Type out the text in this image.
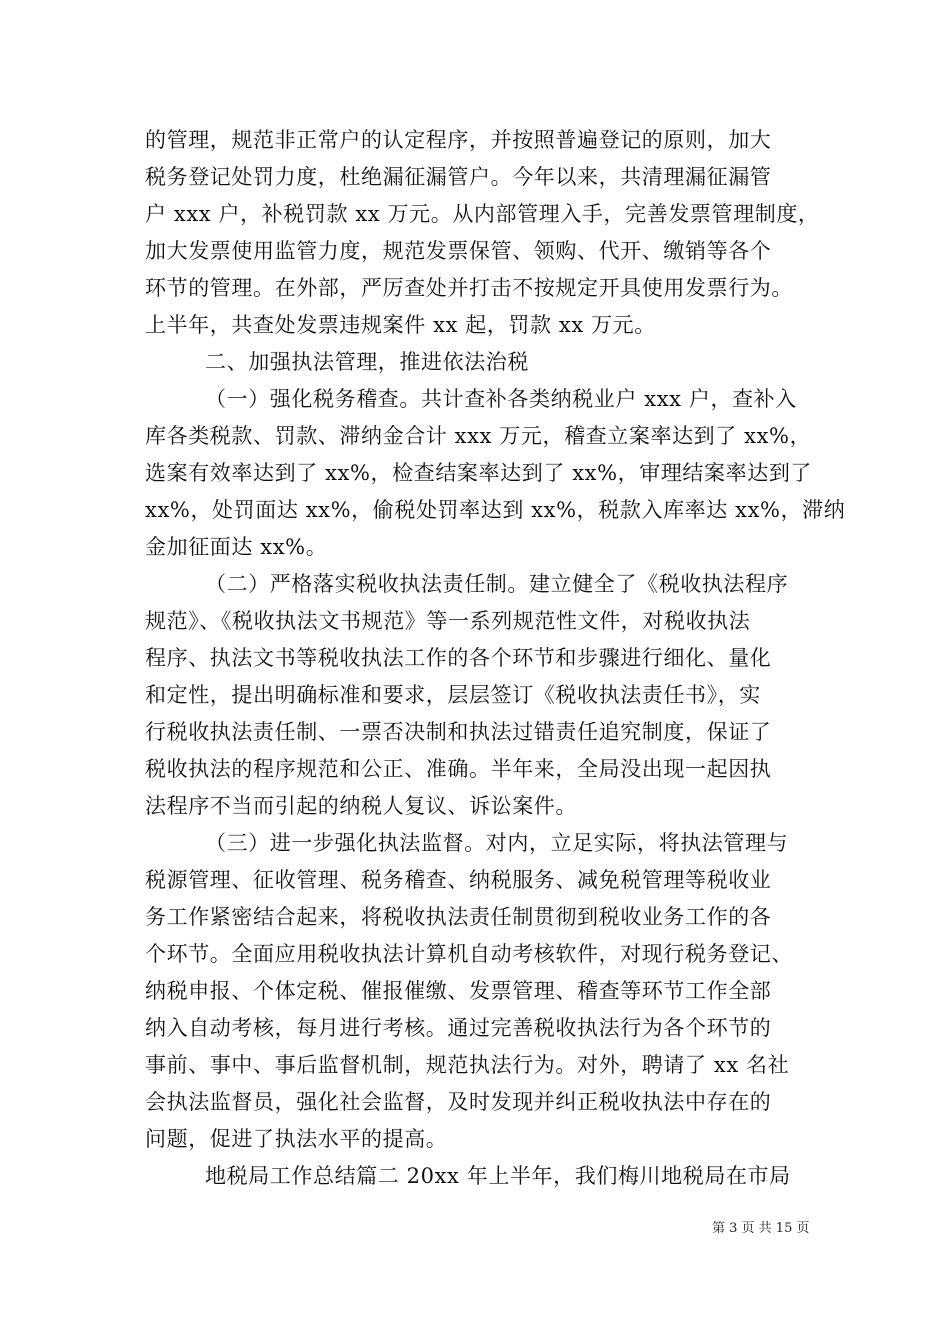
的管理，规范非正常户的认定程序，并按照普遍登记的原则，加大
税务登记处罚力度，杜绝漏征漏管户。今年以来，共清理漏征漏管
户 xxx 户，补税罚款 xx 万元。从内部管理入手，完善发票管理制度，
加大发票使用监管力度，规范发票保管、领购、代开、缴销等各个
环节的管理。在外部，严厉查处并打击不按规定开具使用发票行为。
上半年，共查处发票违规案件 xx 起，罚款 xx 万元。
二、加强执法管理，推进依法治税
（一）强化税务稽查。共计查补各类纳税业户 xxx 户，查补入
库各类税款、罚款、滞纳金合计 xxx 万元，稽查立案率达到了 xx%，
选案有效率达到了 xx%，检查结案率达到了 xx%，审理结案率达到了
xx%，处罚面达 xx%，偷税处罚率达到 xx%，税款入库率达 xx%，滞纳
金加征面达 xx%。
（二）严格落实税收执法责任制。建立健全了《税收执法程序
规范》、《税收执法文书规范》等一系列规范性文件，对税收执法
程序、执法文书等税收执法工作的各个环节和步骤进行细化、量化
和定性，提出明确标准和要求，层层签订《税收执法责任书》，实
行税收执法责任制、一票否决制和执法过错责任追究制度，保证了
税收执法的程序规范和公正、准确。半年来，全局没出现一起因执
法程序不当而引起的纳税人复议、诉讼案件。
（三）进一步强化执法监督。对内，立足实际，将执法管理与
税源管理、征收管理、税务稽查、纳税服务、减免税管理等税收业
务工作紧密结合起来，将税收执法责任制贯彻到税收业务工作的各
个环节。全面应用税收执法计算机自动考核软件，对现行税务登记、
纳税申报、个体定税、催报催缴、发票管理、稽查等环节工作全部
纳入自动考核，每月进行考核。通过完善税收执法行为各个环节的
事前、事中、事后监督机制，规范执法行为。对外，聘请了 xx 名社
会执法监督员，强化社会监督，及时发现并纠正税收执法中存在的
问题，促进了执法水平的提高。
地税局工作总结篇二 20xx 年上半年，我们梅川地税局在市局
第 3 页 共 15 页
